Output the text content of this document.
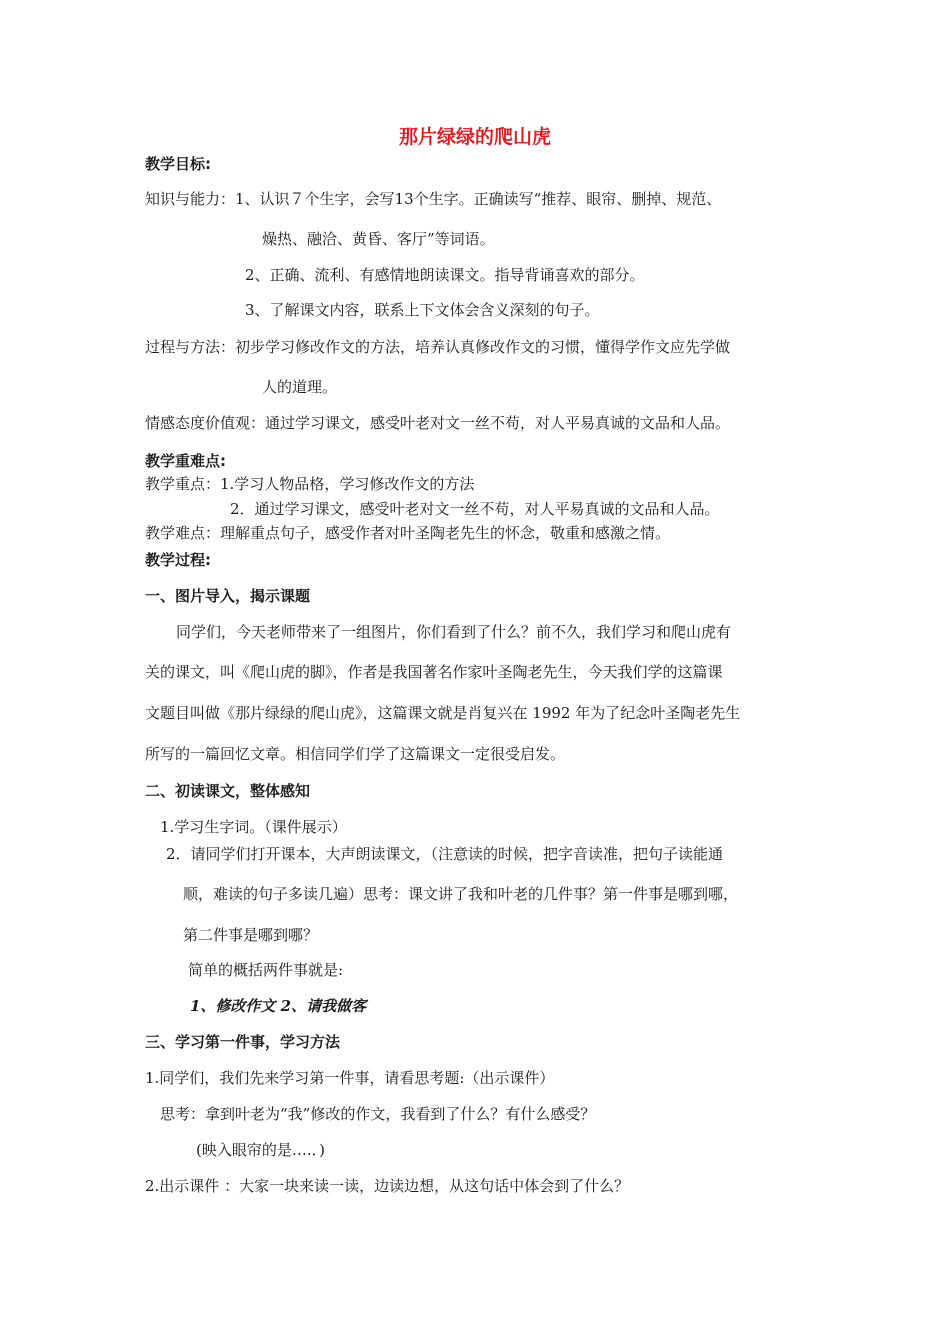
那片绿绿的爬山虎
教学目标:
知识与能力：1、认识７个生字，会写13个生字。正确读写“推荐、眼帘、删掉、规范、
燥热、融洽、黄昏、客厅”等词语。
2、正确、流利、有感情地朗读课文。指导背诵喜欢的部分。
3、了解课文内容，联系上下文体会含义深刻的句子。
过程与方法：初步学习修改作文的方法，培养认真修改作文的习惯，懂得学作文应先学做
人的道理。
情感态度价值观：通过学习课文，感受叶老对文一丝不苟，对人平易真诚的文品和人品。
教学重难点:
教学重点：1.学习人物品格，学习修改作文的方法
2．通过学习课文，感受叶老对文一丝不苟，对人平易真诚的文品和人品。
教学难点：理解重点句子，感受作者对叶圣陶老先生的怀念，敬重和感激之情。
教学过程:
一、图片导入，揭示课题
同学们，今天老师带来了一组图片，你们看到了什么？前不久，我们学习和爬山虎有
关的课文，叫《爬山虎的脚》，作者是我国著名作家叶圣陶老先生，今天我们学的这篇课
文题目叫做《那片绿绿的爬山虎》，这篇课文就是肖复兴在 1992 年为了纪念叶圣陶老先生
所写的一篇回忆文章。相信同学们学了这篇课文一定很受启发。
二、初读课文，整体感知
1.学习生字词。（课件展示）
2．请同学们打开课本，大声朗读课文，（注意读的时候，把字音读准，把句子读能通
顺，难读的句子多读几遍）思考：课文讲了我和叶老的几件事？第一件事是哪到哪，
第二件事是哪到哪？
简单的概括两件事就是:
1、修改作文 2、请我做客
三、学习第一件事，学习方法
1.同学们，我们先来学习第一件事，请看思考题:（出示课件）
思考：拿到叶老为“我”修改的作文，我看到了什么？有什么感受？
(映入眼帘的是….．)
2.出示课件 ：大家一块来读一读，边读边想，从这句话中体会到了什么？
